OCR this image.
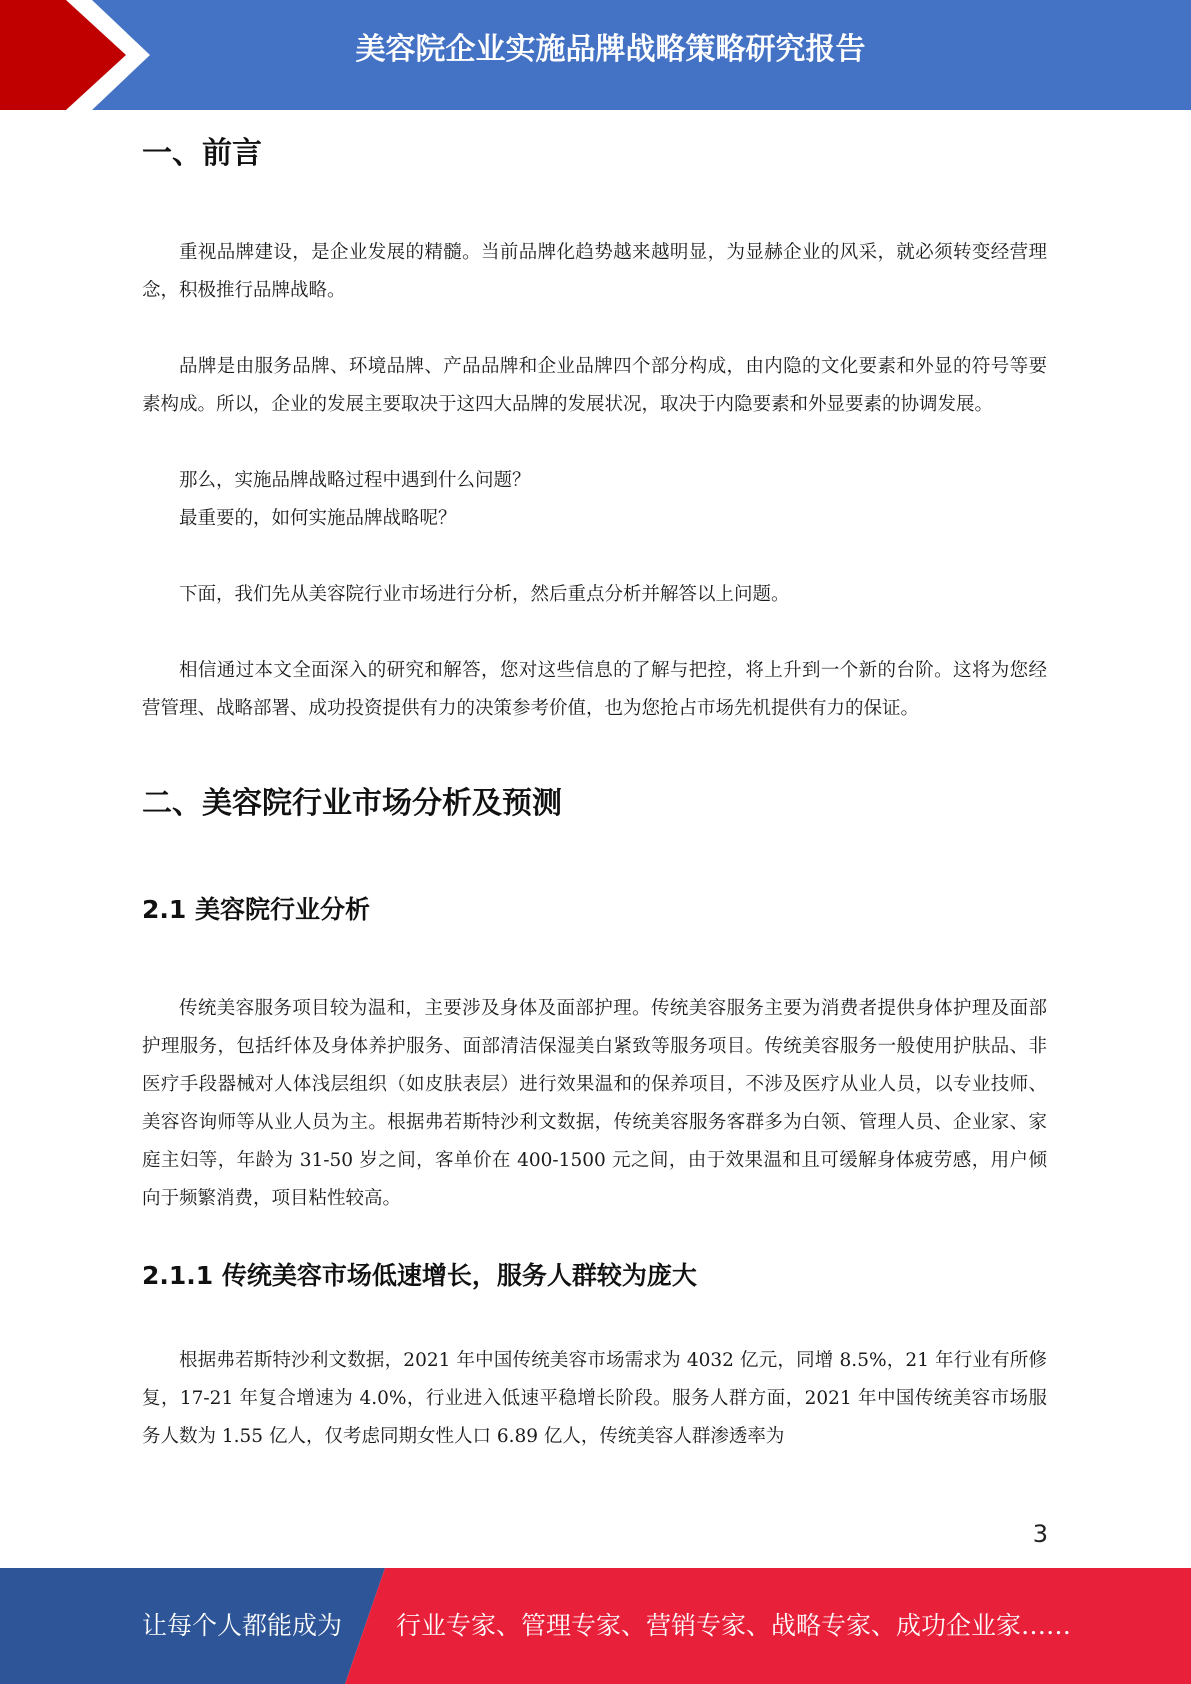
美容院企业实施品牌战略策略研究报告
一、前言

重视品牌建设，是企业发展的精髓。当前品牌化趋势越来越明显，为显赫企业的风采，就必须转变经营理念，积极推行品牌战略。

品牌是由服务品牌、环境品牌、产品品牌和企业品牌四个部分构成，由内隐的文化要素和外显的符号等要素构成。所以，企业的发展主要取决于这四大品牌的发展状况，取决于内隐要素和外显要素的协调发展。

那么，实施品牌战略过程中遇到什么问题？

最重要的，如何实施品牌战略呢？

下面，我们先从美容院行业市场进行分析，然后重点分析并解答以上问题。

相信通过本文全面深入的研究和解答，您对这些信息的了解与把控，将上升到一个新的台阶。这将为您经营管理、战略部署、成功投资提供有力的决策参考价值，也为您抢占市场先机提供有力的保证。

二、美容院行业市场分析及预测
2.1 美容院行业分析

传统美容服务项目较为温和，主要涉及身体及面部护理。传统美容服务主要为消费者提供身体护理及面部护理服务，包括纤体及身体养护服务、面部清洁保湿美白紧致等服务项目。传统美容服务一般使用护肤品、非医疗手段器械对人体浅层组织（如皮肤表层）进行效果温和的保养项目，不涉及医疗从业人员，以专业技师、美容咨询师等从业人员为主。根据弗若斯特沙利文数据，传统美容服务客群多为白领、管理人员、企业家、家庭主妇等，年龄为 31-50 岁之间，客单价在 400-1500 元之间，由于效果温和且可缓解身体疲劳感，用户倾向于频繁消费，项目粘性较高。

2.1.1 传统美容市场低速增长，服务人群较为庞大

根据弗若斯特沙利文数据，2021 年中国传统美容市场需求为 4032 亿元，同增 8.5%，21 年行业有所修复，17-21 年复合增速为 4.0%，行业进入低速平稳增长阶段。服务人群方面，2021 年中国传统美容市场服务人数为 1.55 亿人，仅考虑同期女性人口 6.89 亿人，传统美容人群渗透率为

3
让每个人都能成为 行业专家、管理专家、营销专家、战略专家、成功企业家……
